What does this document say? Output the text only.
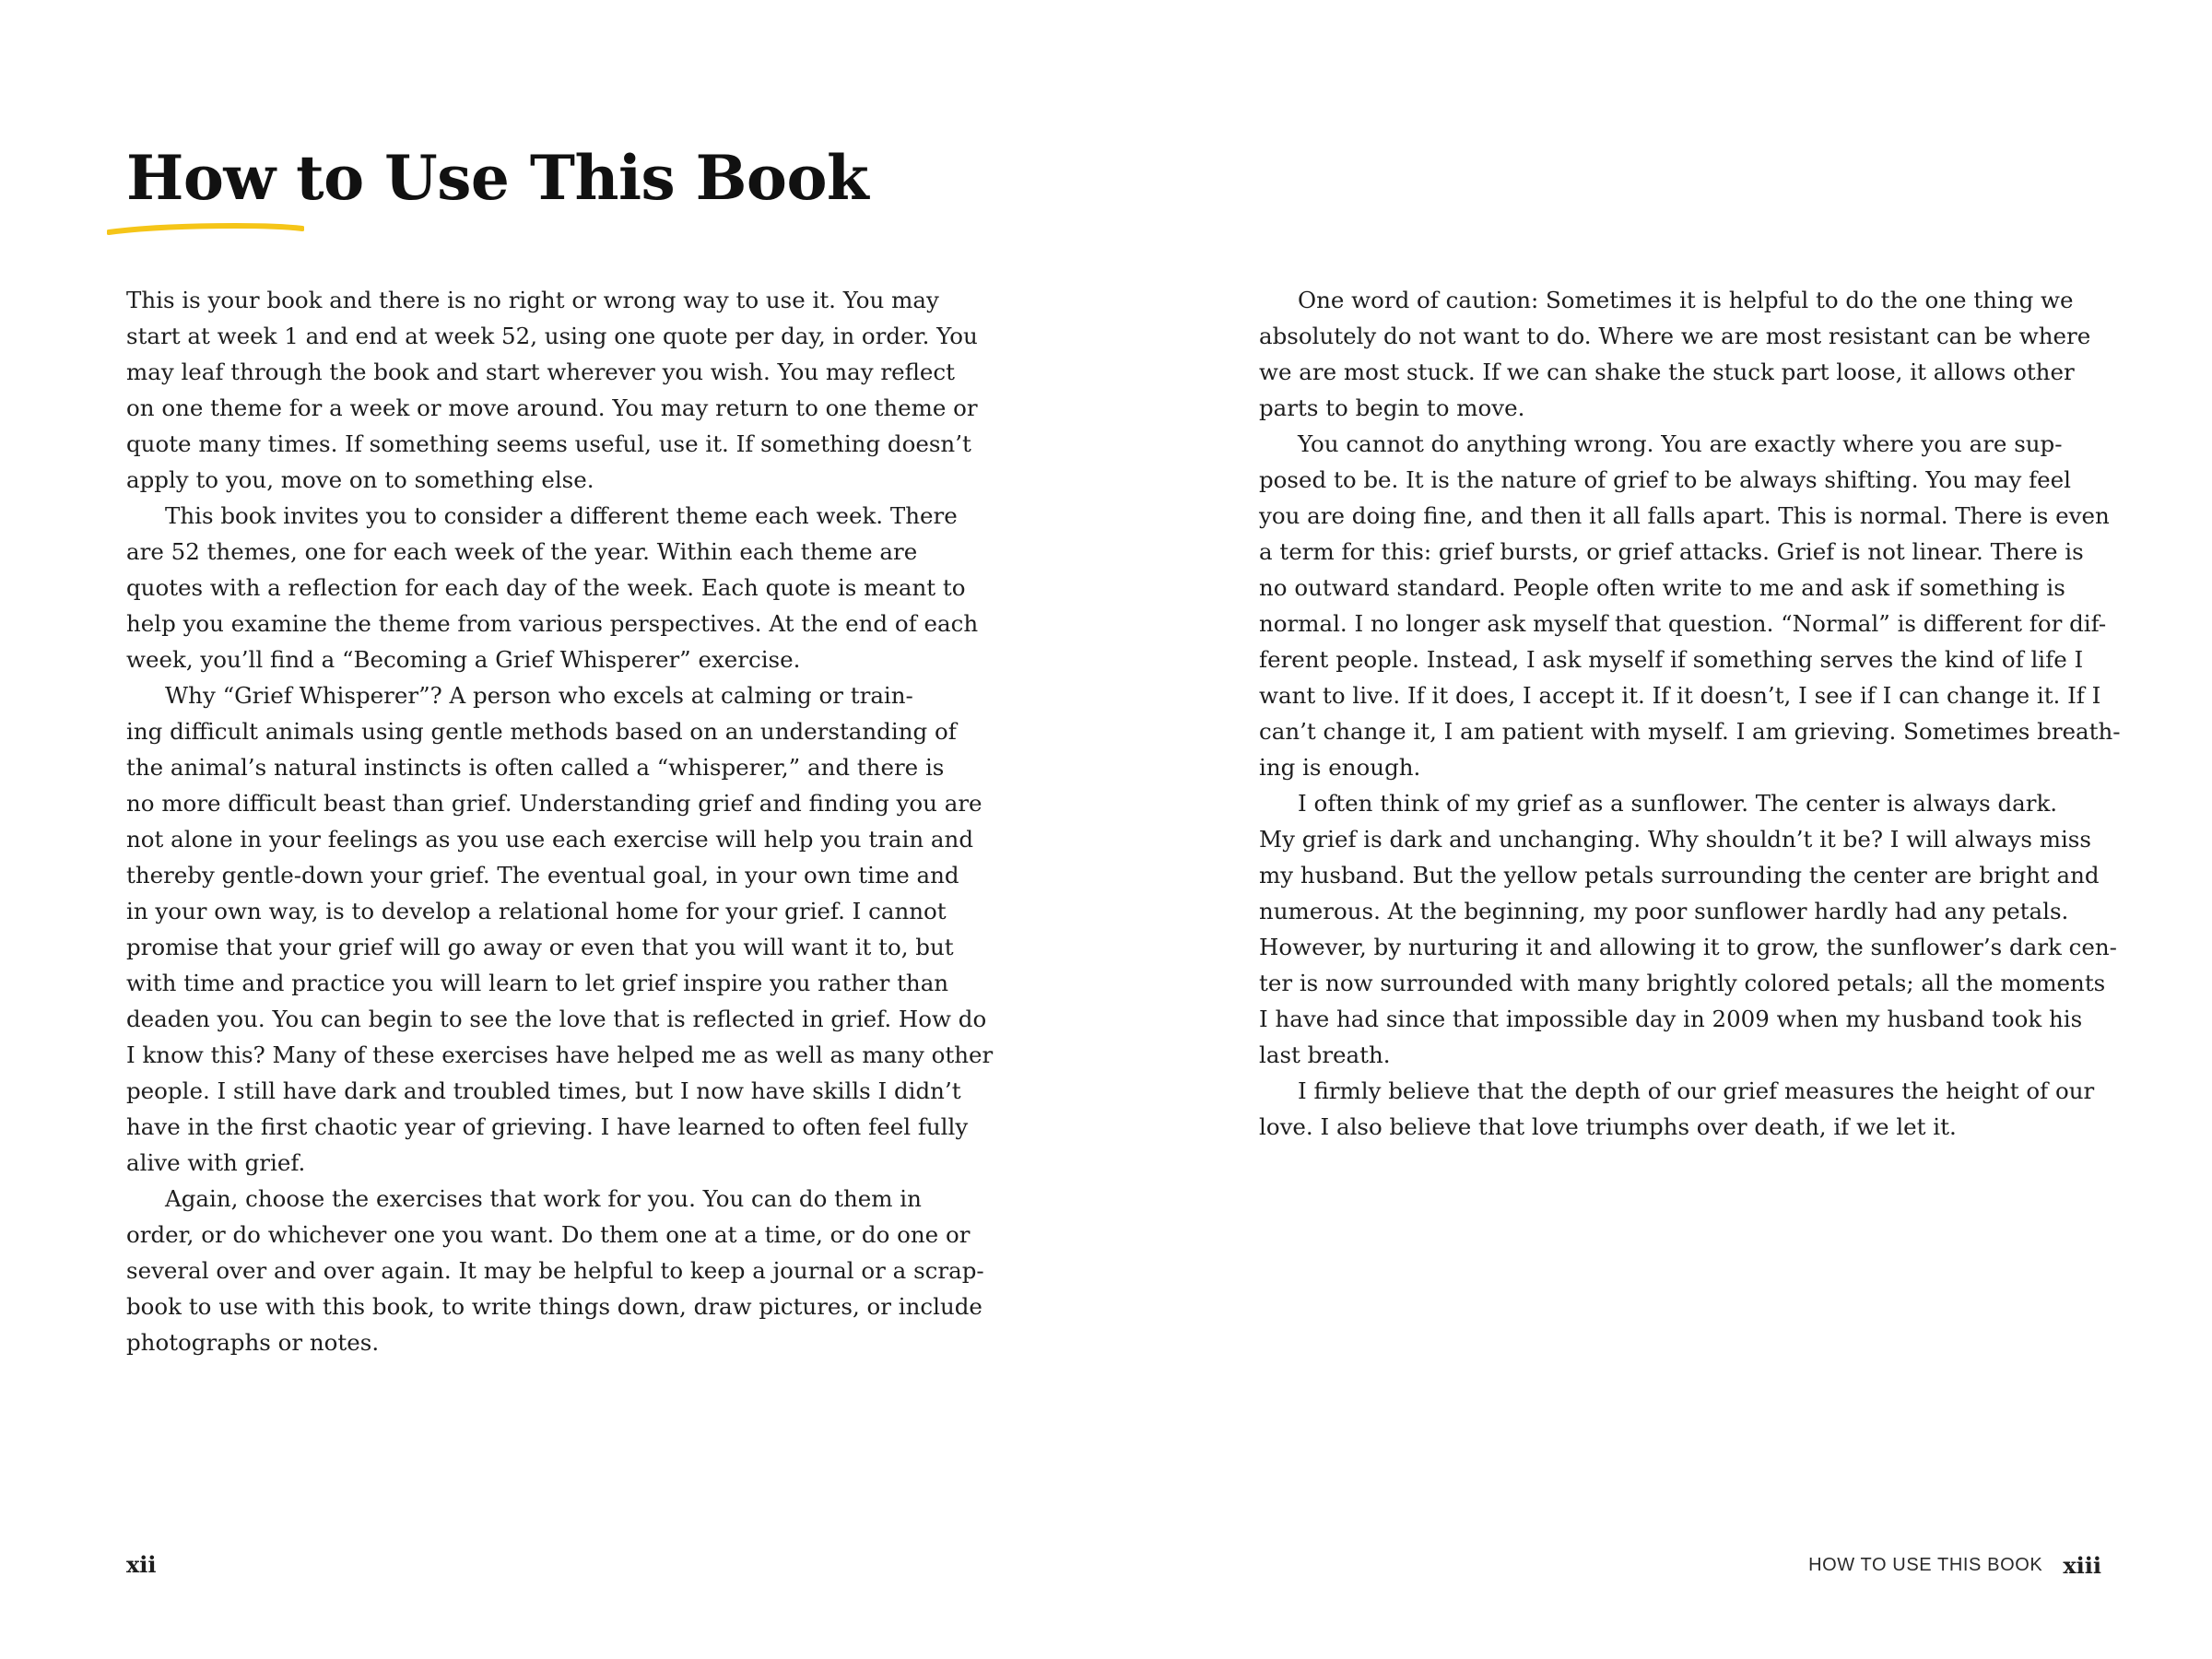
How to Use This Book

This is your book and there is no right or wrong way to use it. You may
start at week 1 and end at week 52, using one quote per day, in order. You
may leaf through the book and start wherever you wish. You may reflect
on one theme for a week or move around. You may return to one theme or
quote many times. If something seems useful, use it. If something doesn’t
apply to you, move on to something else.

This book invites you to consider a different theme each week. There
are 52 themes, one for each week of the year. Within each theme are
quotes with a reflection for each day of the week. Each quote is meant to
help you examine the theme from various perspectives. At the end of each
week, you’ll find a “Becoming a Grief Whisperer” exercise.

Why “Grief Whisperer”? A person who excels at calming or train-
ing difficult animals using gentle methods based on an understanding of
the animal’s natural instincts is often called a “whisperer,” and there is
no more difficult beast than grief. Understanding grief and finding you are
not alone in your feelings as you use each exercise will help you train and
thereby gentle-down your grief. The eventual goal, in your own time and
in your own way, is to develop a relational home for your grief. I cannot
promise that your grief will go away or even that you will want it to, but
with time and practice you will learn to let grief inspire you rather than
deaden you. You can begin to see the love that is reflected in grief. How do
I know this? Many of these exercises have helped me as well as many other
people. I still have dark and troubled times, but I now have skills I didn’t
have in the first chaotic year of grieving. I have learned to often feel fully
alive with grief.

Again, choose the exercises that work for you. You can do them in
order, or do whichever one you want. Do them one at a time, or do one or
several over and over again. It may be helpful to keep a journal or a scrap-
book to use with this book, to write things down, draw pictures, or include
photographs or notes.

One word of caution: Sometimes it is helpful to do the one thing we
absolutely do not want to do. Where we are most resistant can be where
we are most stuck. If we can shake the stuck part loose, it allows other
parts to begin to move.

You cannot do anything wrong. You are exactly where you are sup-
posed to be. It is the nature of grief to be always shifting. You may feel
you are doing fine, and then it all falls apart. This is normal. There is even
a term for this: grief bursts, or grief attacks. Grief is not linear. There is
no outward standard. People often write to me and ask if something is
normal. I no longer ask myself that question. “Normal” is different for dif-
ferent people. Instead, I ask myself if something serves the kind of life I
want to live. If it does, I accept it. If it doesn’t, I see if I can change it. If I
can’t change it, I am patient with myself. I am grieving. Sometimes breath-
ing is enough.

I often think of my grief as a sunflower. The center is always dark.
My grief is dark and unchanging. Why shouldn’t it be? I will always miss
my husband. But the yellow petals surrounding the center are bright and
numerous. At the beginning, my poor sunflower hardly had any petals.
However, by nurturing it and allowing it to grow, the sunflower’s dark cen-
ter is now surrounded with many brightly colored petals; all the moments
I have had since that impossible day in 2009 when my husband took his
last breath.

I firmly believe that the depth of our grief measures the height of our
love. I also believe that love triumphs over death, if we let it.

xii	HOW TO USE THIS BOOK xiii
